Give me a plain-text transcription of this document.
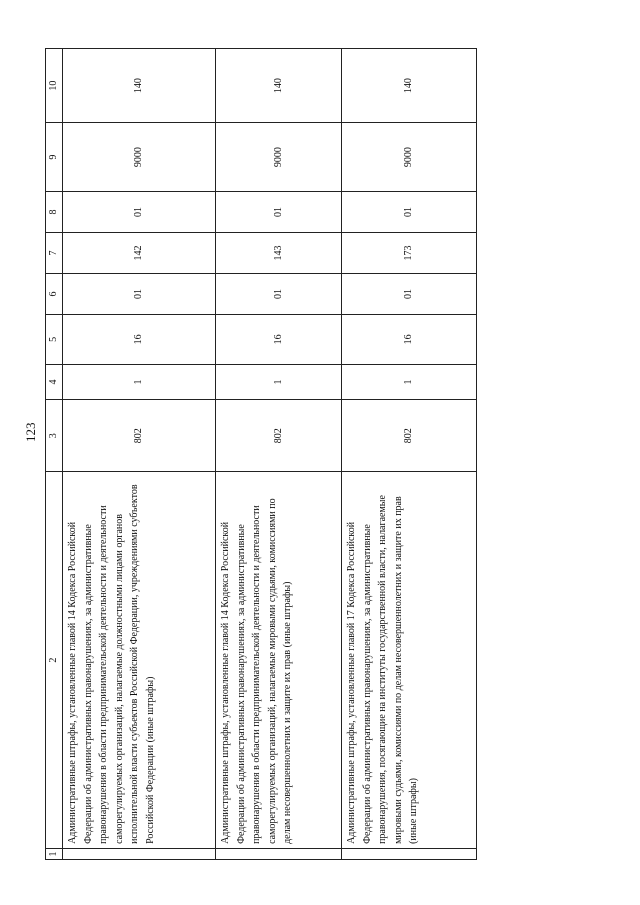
123
1	2	3	4	5	6	7	8	9	10

	Административные штрафы, установленные главой 14 Кодекса Российской Федерации об административных правонарушениях, за административные правонарушения в области предпринимательской деятельности и деятельности саморегулируемых организаций, налагаемые должностными лицами органов исполнительной власти субъектов Российской Федерации, учреждениями субъектов Российской Федерации (иные штрафы)	802	1	16	01	142	01	9000	140

	Административные штрафы, установленные главой 14 Кодекса Российской Федерации об административных правонарушениях, за административные правонарушения в области предпринимательской деятельности и деятельности саморегулируемых организаций, налагаемые мировыми судьями, комиссиями по делам несовершеннолетних и защите их прав (иные штрафы)	802	1	16	01	143	01	9000	140

	Административные штрафы, установленные главой 17 Кодекса Российской Федерации об административных правонарушениях, за административные правонарушения, посягающие на институты государственной власти, налагаемые мировыми судьями, комиссиями по делам несовершеннолетних и защите их прав (иные штрафы)	802	1	16	01	173	01	9000	140
